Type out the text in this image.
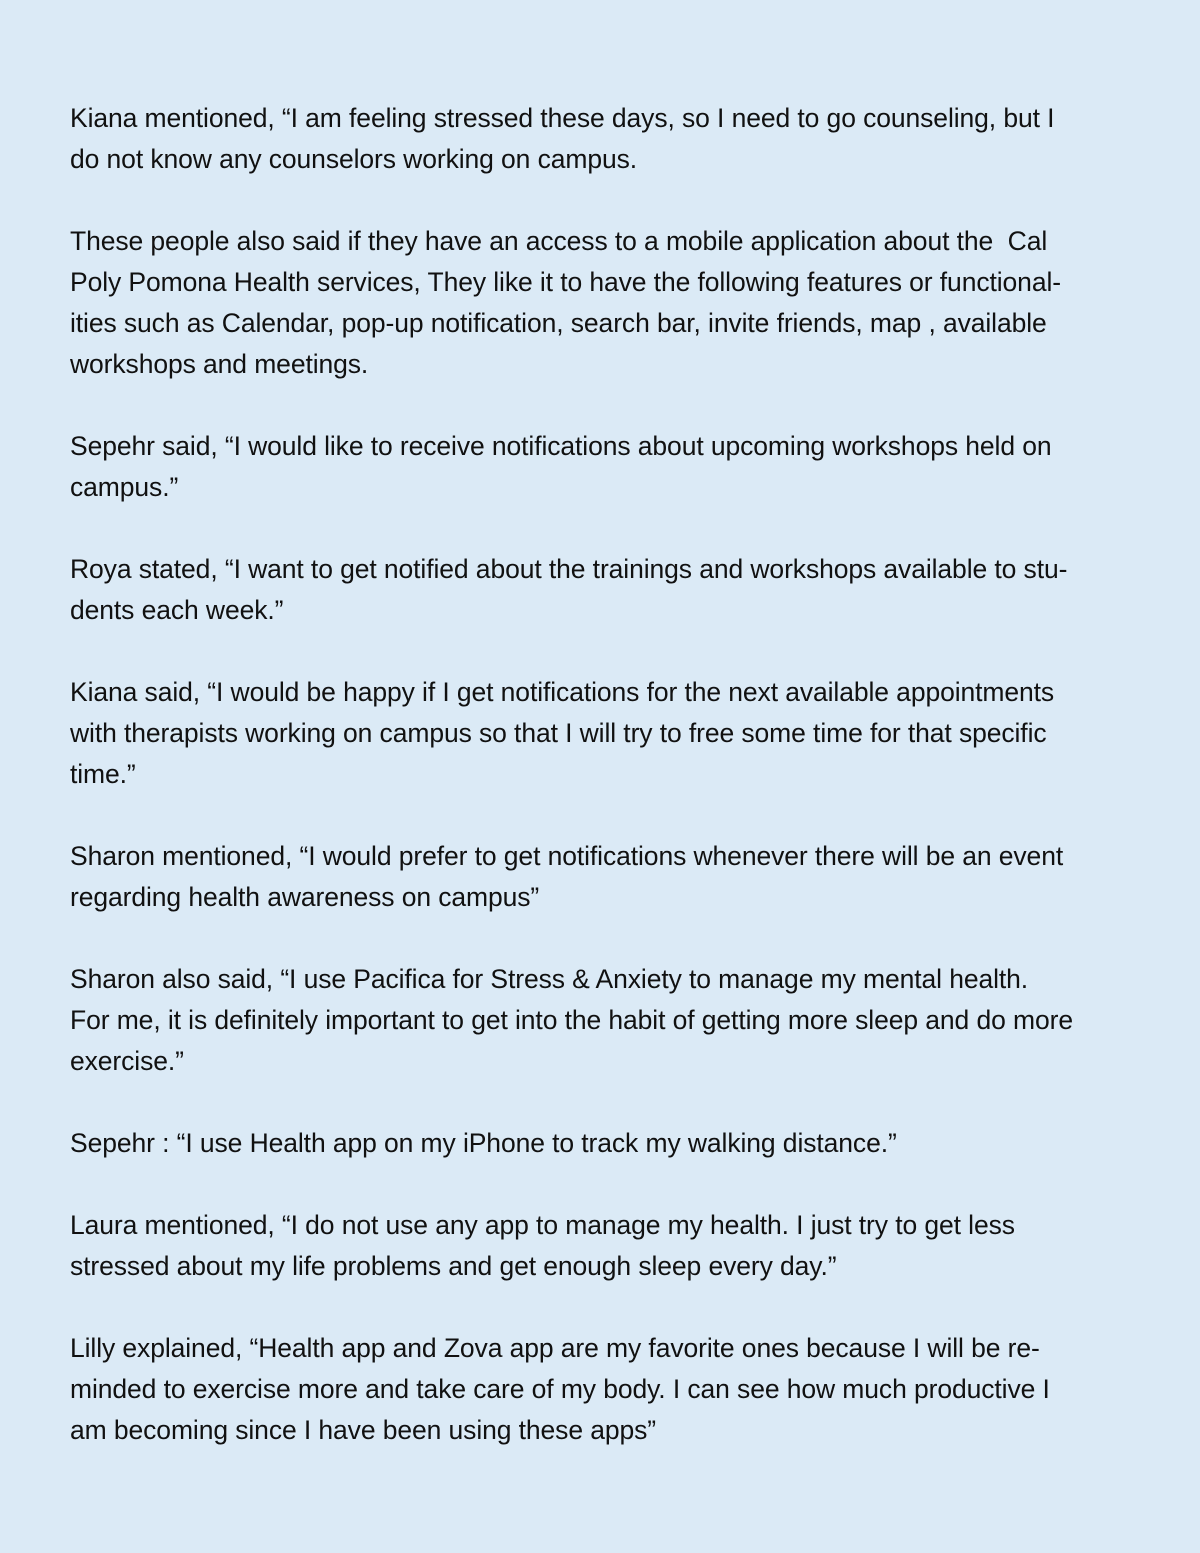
Kiana mentioned, “I am feeling stressed these days, so I need to go counseling, but I
do not know any counselors working on campus.
These people also said if they have an access to a mobile application about the  Cal
Poly Pomona Health services, They like it to have the following features or functional-
ities such as Calendar, pop-up notification, search bar, invite friends, map , available
workshops and meetings.
Sepehr said, “I would like to receive notifications about upcoming workshops held on
campus.”
Roya stated, “I want to get notified about the trainings and workshops available to stu-
dents each week.”
Kiana said, “I would be happy if I get notifications for the next available appointments
with therapists working on campus so that I will try to free some time for that specific
time.”
Sharon mentioned, “I would prefer to get notifications whenever there will be an event
regarding health awareness on campus”
Sharon also said, “I use Pacifica for Stress & Anxiety to manage my mental health.
For me, it is definitely important to get into the habit of getting more sleep and do more
exercise.”
Sepehr : “I use Health app on my iPhone to track my walking distance.”
Laura mentioned, “I do not use any app to manage my health. I just try to get less
stressed about my life problems and get enough sleep every day.”
Lilly explained, “Health app and Zova app are my favorite ones because I will be re-
minded to exercise more and take care of my body. I can see how much productive I
am becoming since I have been using these apps”
